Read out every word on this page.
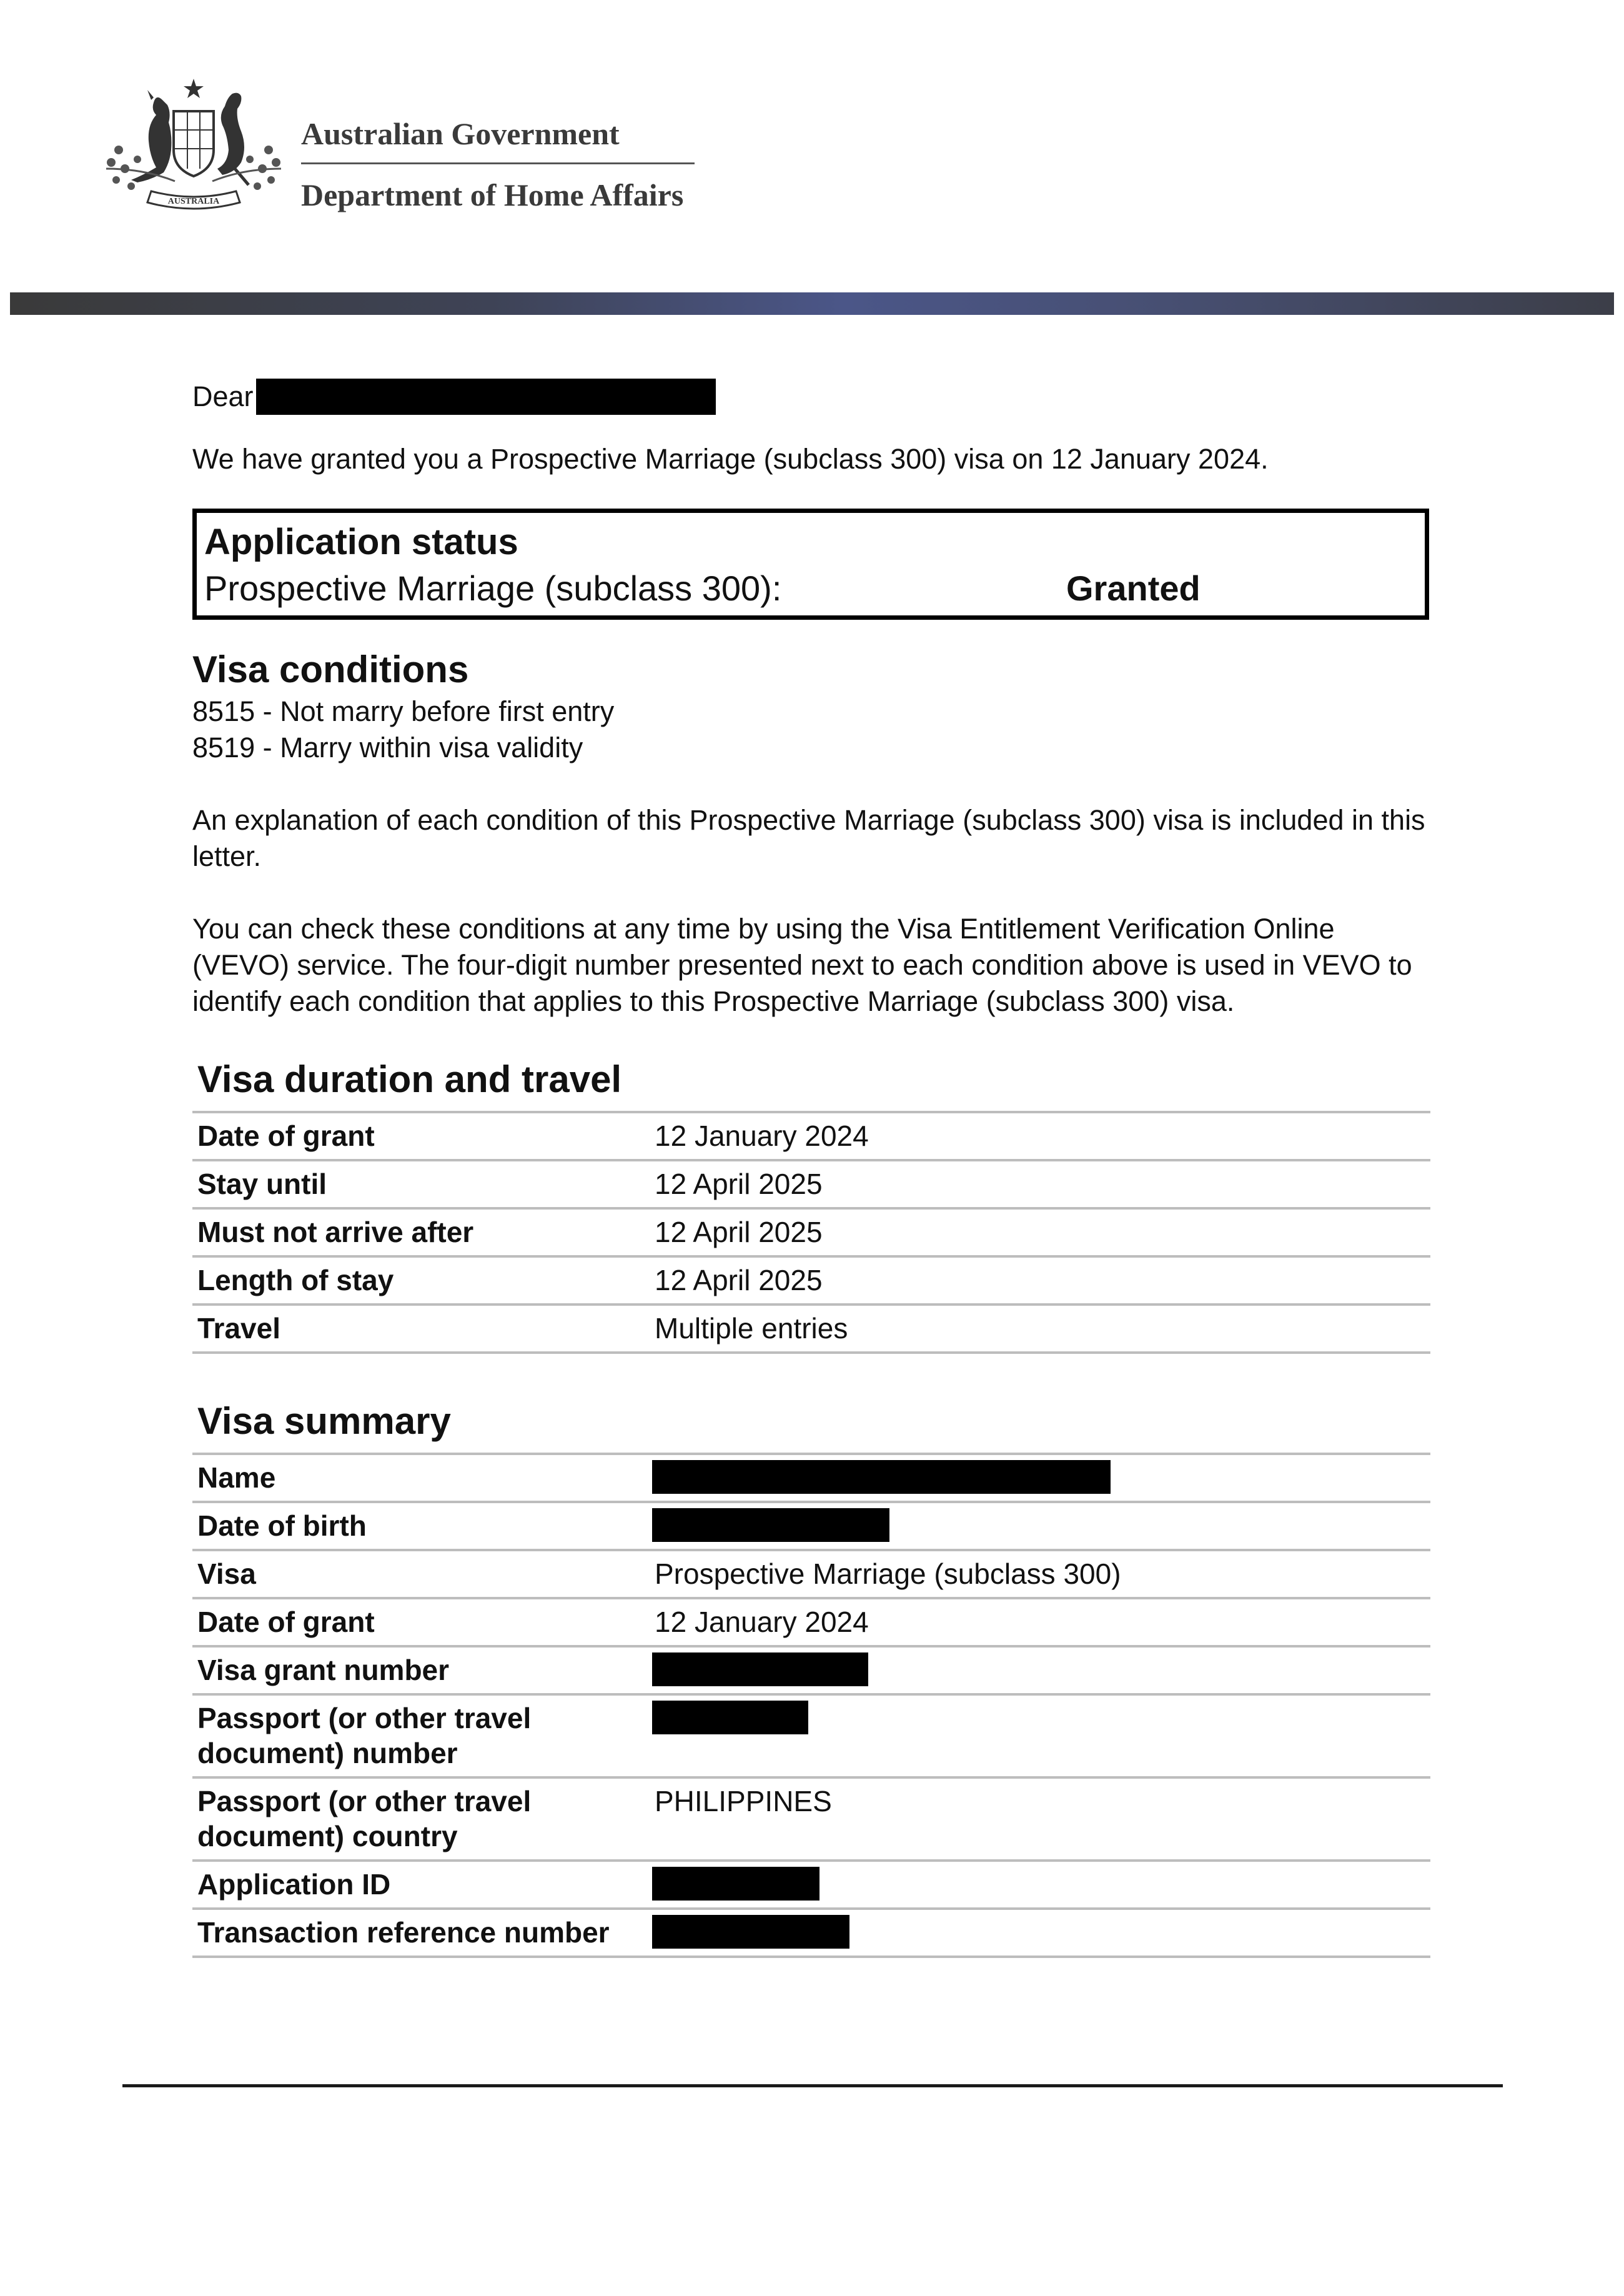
AUSTRALIA
Australian Government
Department of Home Affairs
Dear

We have granted you a Prospective Marriage (subclass 300) visa on 12 January 2024.

Application status
Prospective Marriage (subclass 300):	Granted
Visa conditions
8515 - Not marry before first entry
8519 - Marry within visa validity

An explanation of each condition of this Prospective Marriage (subclass 300) visa is included in this letter.

You can check these conditions at any time by using the Visa Entitlement Verification Online (VEVO) service. The four-digit number presented next to each condition above is used in VEVO to identify each condition that applies to this Prospective Marriage (subclass 300) visa.

Visa duration and travel
Date of grant	12 January 2024
Stay until	12 April 2025
Must not arrive after	12 April 2025
Length of stay	12 April 2025
Travel	Multiple entries
Visa summary
Name	
Date of birth	
Visa	Prospective Marriage (subclass 300)
Date of grant	12 January 2024
Visa grant number	
Passport (or other travel
document) number	
Passport (or other travel
document) country	PHILIPPINES
Application ID	
Transaction reference number	
